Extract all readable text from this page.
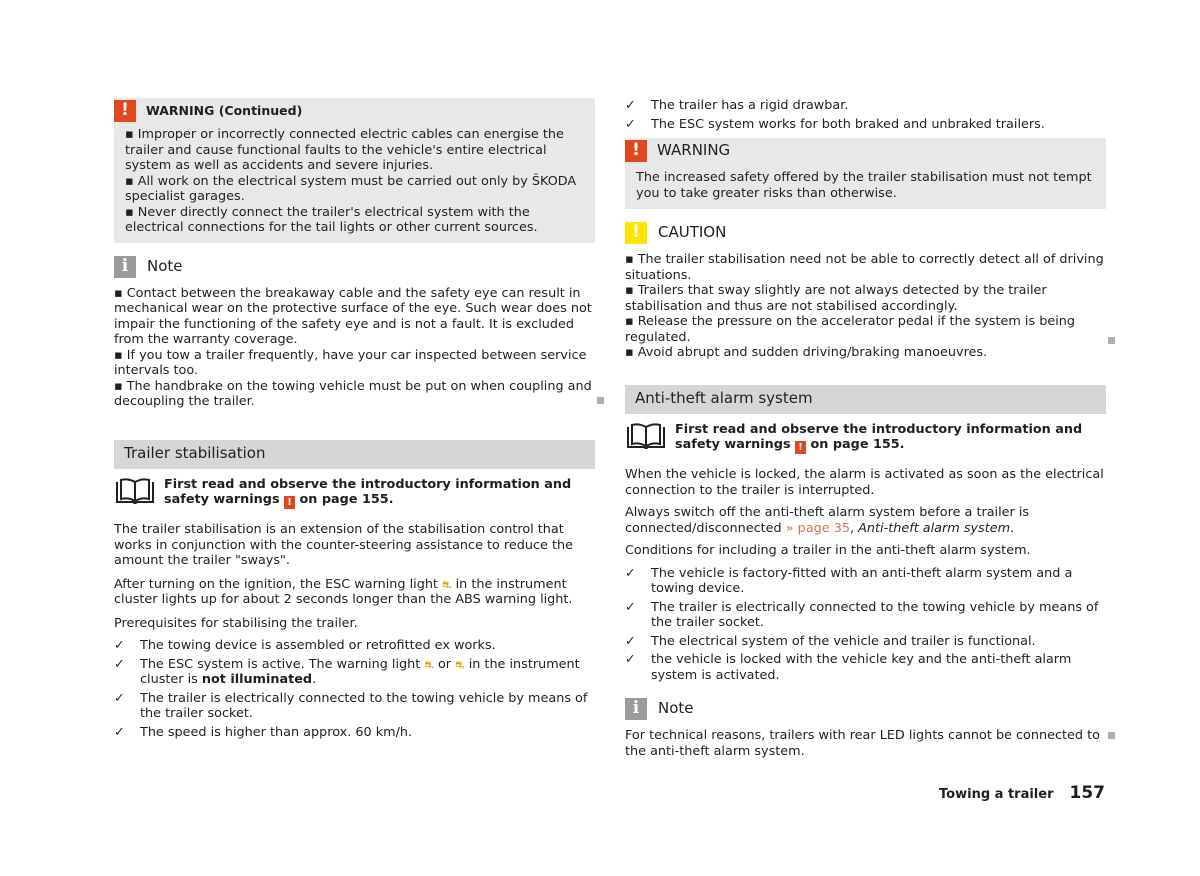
!	WARNING (Continued)

▪ Improper or incorrectly connected electric cables can energise the trailer and cause functional faults to the vehicle's entire electrical system as well as accidents and severe injuries.

▪ All work on the electrical system must be carried out only by ŠKODA specialist garages.

▪ Never directly connect the trailer's electrical system with the electrical connections for the tail lights or other current sources.

i	Note

▪ Contact between the breakaway cable and the safety eye can result in mechanical wear on the protective surface of the eye. Such wear does not impair the functioning of the safety eye and is not a fault. It is excluded from the warranty coverage.

▪ If you tow a trailer frequently, have your car inspected between service intervals too.

▪ The handbrake on the towing vehicle must be put on when coupling and decoupling the trailer.

Trailer stabilisation
First read and observe the introductory information and safety warnings ! on page 155.

The trailer stabilisation is an extension of the stabilisation control that works in conjunction with the counter-steering assistance to reduce the amount the trailer "sways".

After turning on the ignition, the ESC warning light ⛐ in the instrument cluster lights up for about 2 seconds longer than the ABS warning light.

Prerequisites for stabilising the trailer.

✓	The towing device is assembled or retrofitted ex works.
✓	The ESC system is active. The warning light ⛐ or ⛐ in the instrument cluster is not illuminated.
✓	The trailer is electrically connected to the towing vehicle by means of the trailer socket.
✓	The speed is higher than approx. 60 km/h.
✓	The trailer has a rigid drawbar.
✓	The ESC system works for both braked and unbraked trailers.
!	WARNING

The increased safety offered by the trailer stabilisation must not tempt you to take greater risks than otherwise.

!	CAUTION

▪ The trailer stabilisation need not be able to correctly detect all of driving situations.

▪ Trailers that sway slightly are not always detected by the trailer stabilisation and thus are not stabilised accordingly.

▪ Release the pressure on the accelerator pedal if the system is being regulated.

▪ Avoid abrupt and sudden driving/braking manoeuvres.

Anti-theft alarm system
First read and observe the introductory information and safety warnings ! on page 155.

When the vehicle is locked, the alarm is activated as soon as the electrical connection to the trailer is interrupted.

Always switch off the anti-theft alarm system before a trailer is connected/disconnected » page 35, Anti-theft alarm system.

Conditions for including a trailer in the anti-theft alarm system.

✓	The vehicle is factory-fitted with an anti-theft alarm system and a towing device.
✓	The trailer is electrically connected to the towing vehicle by means of the trailer socket.
✓	The electrical system of the vehicle and trailer is functional.
✓	the vehicle is locked with the vehicle key and the anti-theft alarm system is activated.
i	Note

For technical reasons, trailers with rear LED lights cannot be connected to the anti-theft alarm system.

Towing a trailer 157
